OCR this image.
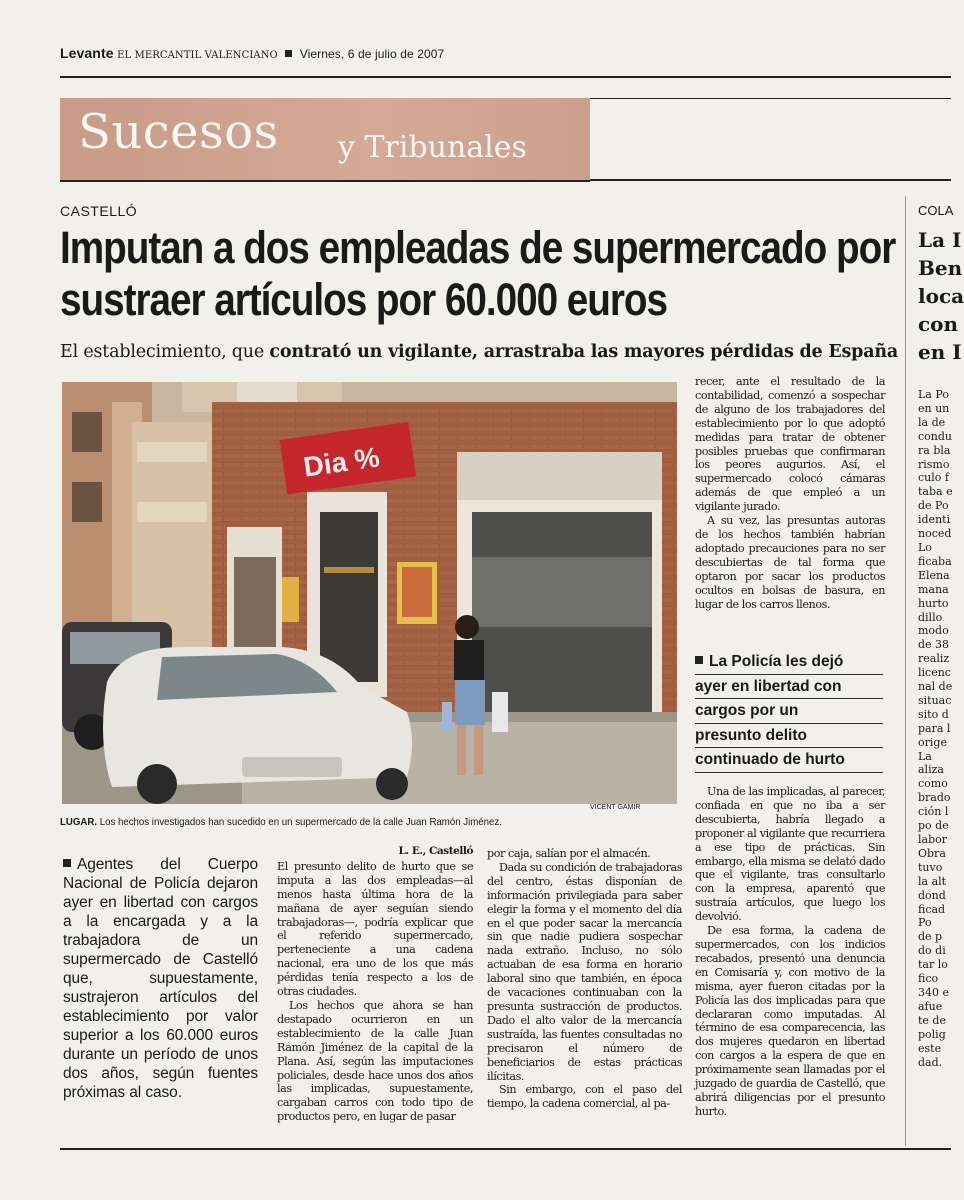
Levante EL MERCANTIL VALENCIANO Viernes, 6 de julio de 2007
Sucesos y Tribunales
CASTELLÓ
Imputan a dos empleadas de supermercado por sustraer artículos por 60.000 euros
El establecimiento, que contrató un vigilante, arrastraba las mayores pérdidas de España
Dia %
VICENT GAMIR
LUGAR. Los hechos investigados han sucedido en un supermercado de la calle Juan Ramón Jiménez.
Agentes del Cuerpo Nacional de Policía dejaron ayer en libertad con cargos a la encargada y a la trabajadora de un supermercado de Castelló que, supuestamente, sustrajeron artículos del establecimiento por valor superior a los 60.000 euros durante un período de unos dos años, según fuentes próximas al caso.
L. E., Castelló

El presunto delito de hurto que se imputa a las dos empleadas—al menos hasta última hora de la mañana de ayer seguían siendo trabajadoras—, podría explicar que el referido supermercado, perteneciente a una cadena nacional, era uno de los que más pérdidas tenía respecto a los de otras ciudades.

Los hechos que ahora se han destapado ocurrieron en un establecimiento de la calle Juan Ramón Jiménez de la capital de la Plana. Así, según las imputaciones policiales, desde hace unos dos años las implicadas, supuestamente, cargaban carros con todo tipo de productos pero, en lugar de pasar

por caja, salían por el almacén.

Dada su condición de trabajadoras del centro, éstas disponían de información privilegiada para saber elegir la forma y el momento del día en el que poder sacar la mercancía sin que nadie pudiera sospechar nada extraño. Incluso, no sólo actuaban de esa forma en horario laboral sino que también, en época de vacaciones continuaban con la presunta sustracción de productos. Dado el alto valor de la mercancía sustraída, las fuentes consultadas no precisaron el número de beneficiarios de estas prácticas ilícitas.

Sin embargo, con el paso del tiempo, la cadena comercial, al pa-

recer, ante el resultado de la contabilidad, comenzó a sospechar de alguno de los trabajadores del establecimiento por lo que adoptó medidas para tratar de obtener posibles pruebas que confirmaran los peores augurios. Así, el supermercado colocó cámaras además de que empleó a un vigilante jurado.

A su vez, las presuntas autoras de los hechos también habrían adoptado precauciones para no ser descubiertas de tal forma que optaron por sacar los productos ocultos en bolsas de basura, en lugar de los carros llenos.

La Policía les dejó
ayer en libertad con
cargos por un
presunto delito
continuado de hurto

Una de las implicadas, al parecer, confiada en que no iba a ser descubierta, habría llegado a proponer al vigilante que recurriera a ese tipo de prácticas. Sin embargo, ella misma se delató dado que el vigilante, tras consultarlo con la empresa, aparentó que sustraía artículos, que luego los devolvió.

De esa forma, la cadena de supermercados, con los indicios recabados, presentó una denuncia en Comisaría y, con motivo de la misma, ayer fueron citadas por la Policía las dos implicadas para que declararan como imputadas. Al término de esa comparecencia, las dos mujeres quedaron en libertad con cargos a la espera de que en próximamente sean llamadas por el juzgado de guardia de Castelló, que abrirá diligencias por el presunto hurto.

COLA
La I
Ben
loca
con
en I
La Po
en un
la de
condu
ra bla
rismo
culo f
taba e
de Po
identi
noced
Lo
ficaba
Elena
mana
hurto
dillo
modo
de 38
realiz
licenc
nal de
situac
sito d
para l
orige
La
aliza
como
brado
ción l
po de
labor
Obra
tuvo
la alt
dond
ficad
Po
de p
do di
tar lo
fico
340 e
afue
te de
polig
este
dad.
